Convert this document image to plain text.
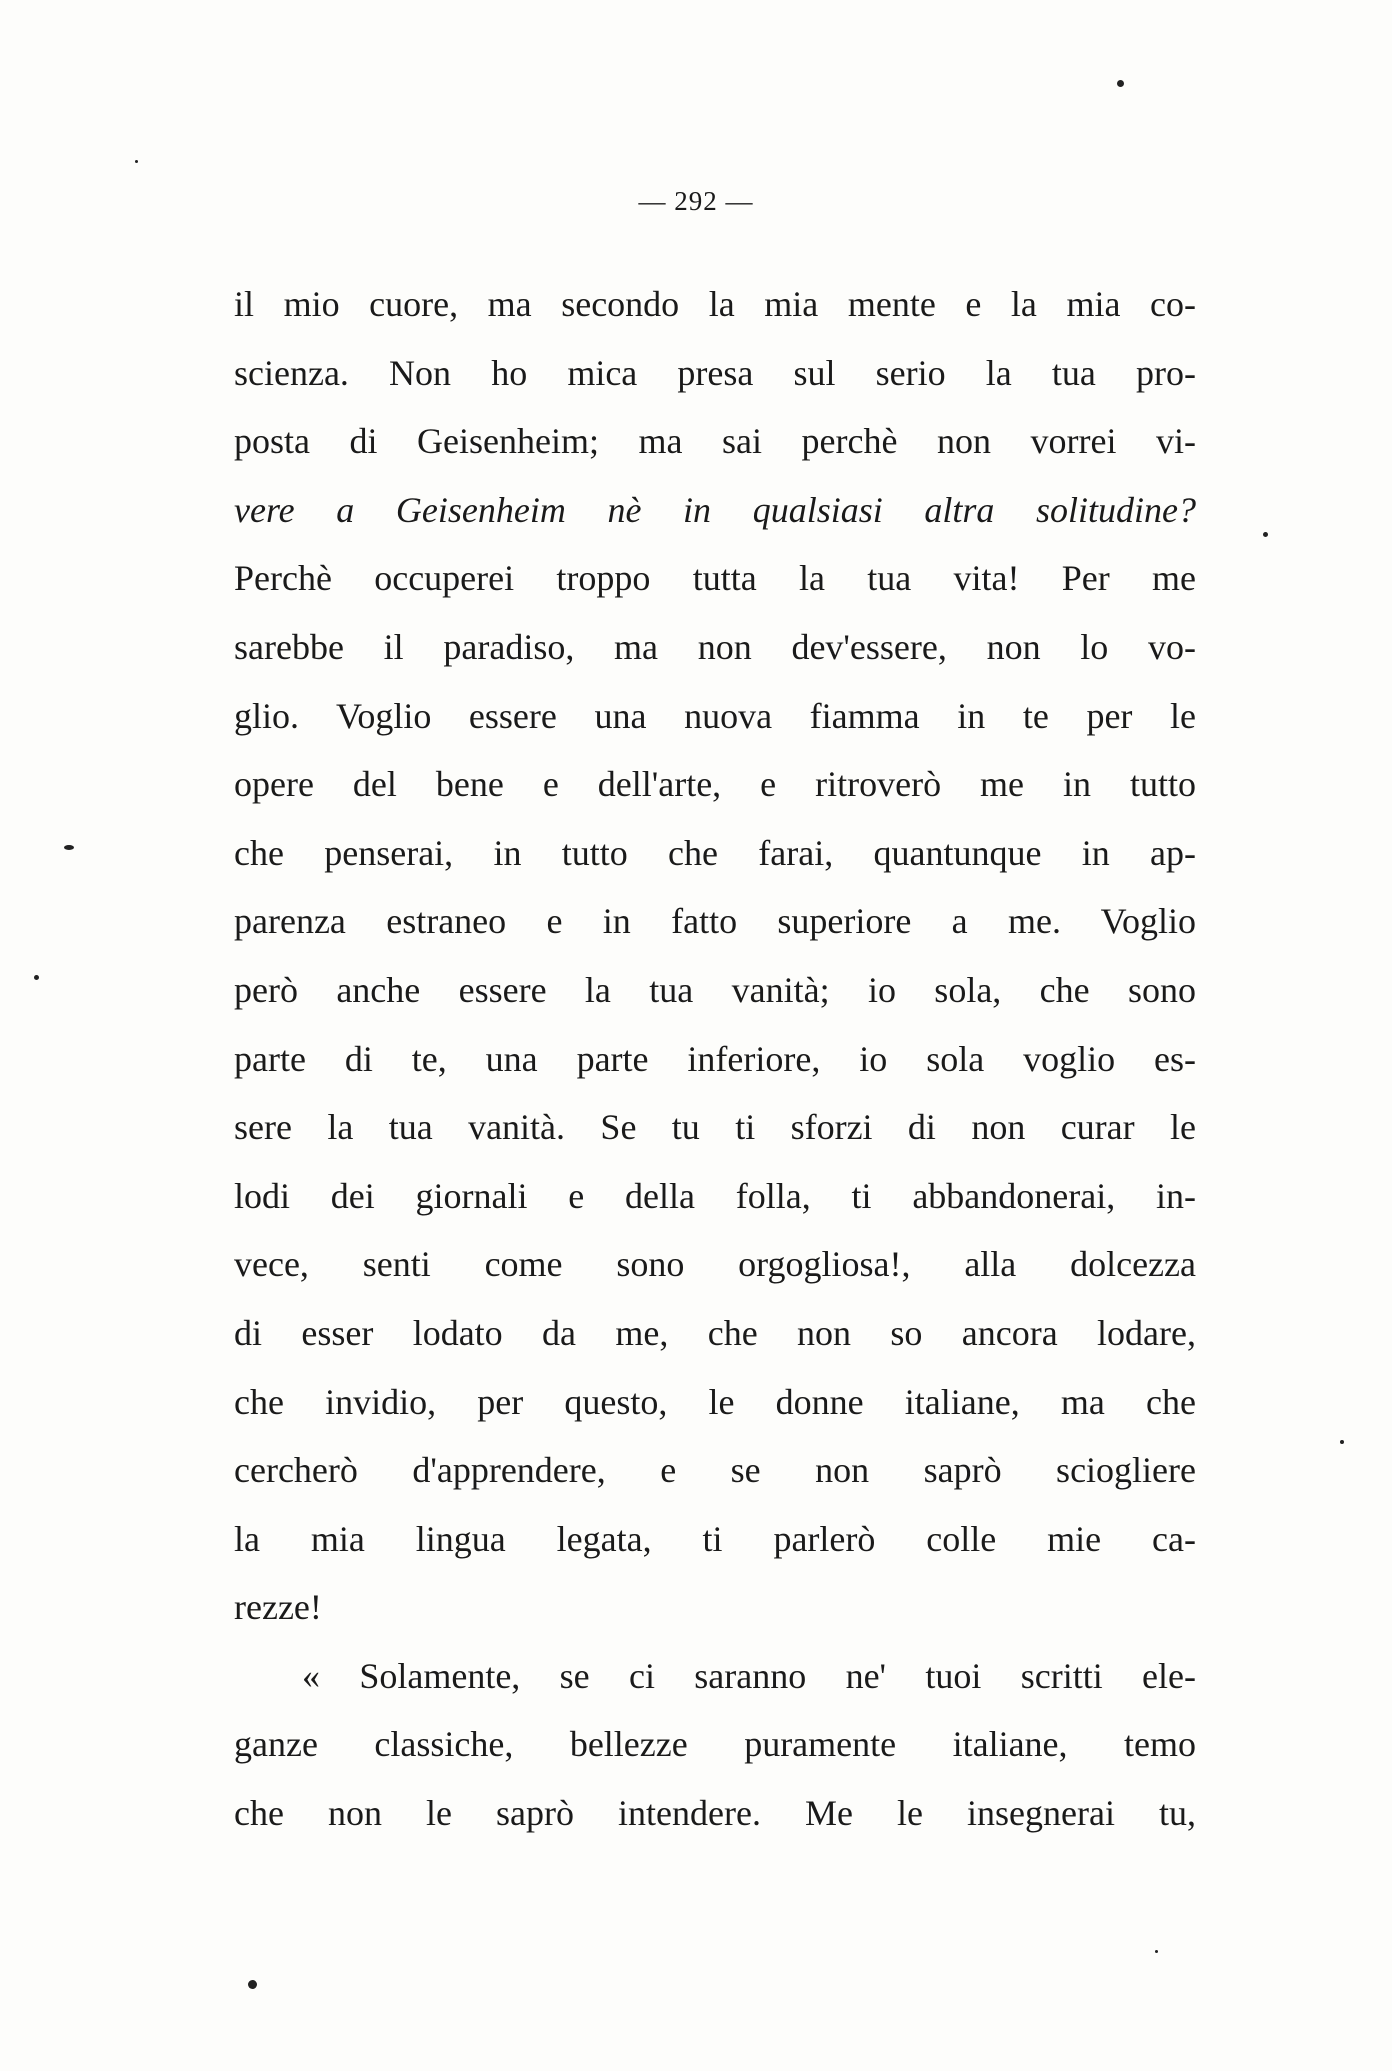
— 292 —
il mio cuore, ma secondo la mia mente e la mia co-
scienza. Non ho mica presa sul serio la tua pro-
posta di Geisenheim; ma sai perchè non vorrei vi-
vere a Geisenheim nè in qualsiasi altra solitudine?
Perchè occuperei troppo tutta la tua vita! Per me
sarebbe il paradiso, ma non dev'essere, non lo vo-
glio. Voglio essere una nuova fiamma in te per le
opere del bene e dell'arte, e ritroverò me in tutto
che penserai, in tutto che farai, quantunque in ap-
parenza estraneo e in fatto superiore a me. Voglio
però anche essere la tua vanità; io sola, che sono
parte di te, una parte inferiore, io sola voglio es-
sere la tua vanità. Se tu ti sforzi di non curar le
lodi dei giornali e della folla, ti abbandonerai, in-
vece, senti come sono orgogliosa!, alla dolcezza
di esser lodato da me, che non so ancora lodare,
che invidio, per questo, le donne italiane, ma che
cercherò d'apprendere, e se non saprò sciogliere
la mia lingua legata, ti parlerò colle mie ca-
rezze!
« Solamente, se ci saranno ne' tuoi scritti ele-
ganze classiche, bellezze puramente italiane, temo
che non le saprò intendere. Me le insegnerai tu,
